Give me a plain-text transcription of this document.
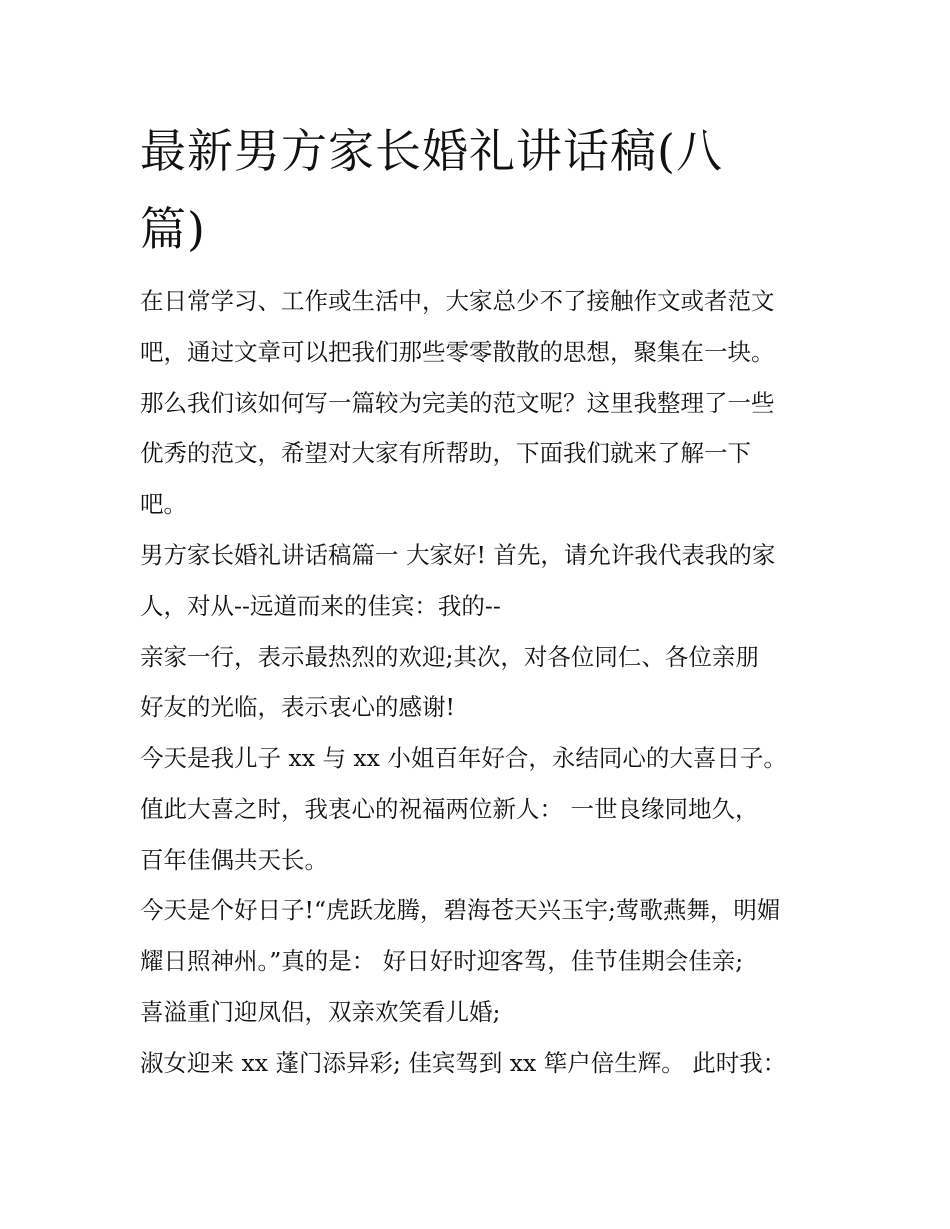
最新男方家长婚礼讲话稿(八
篇)

在日常学习、工作或生活中，大家总少不了接触作文或者范文

吧，通过文章可以把我们那些零零散散的思想，聚集在一块。

那么我们该如何写一篇较为完美的范文呢？这里我整理了一些

优秀的范文，希望对大家有所帮助，下面我们就来了解一下

吧。

男方家长婚礼讲话稿篇一 大家好! 首先，请允许我代表我的家

人，对从--远道而来的佳宾：我的--

亲家一行，表示最热烈的欢迎;其次，对各位同仁、各位亲朋

好友的光临，表示衷心的感谢!

今天是我儿子 xx 与 xx 小姐百年好合，永结同心的大喜日子。

值此大喜之时，我衷心的祝福两位新人： 一世良缘同地久，

百年佳偶共天长。

今天是个好日子!“虎跃龙腾，碧海苍天兴玉宇;莺歌燕舞，明媚

耀日照神州。”真的是： 好日好时迎客驾，佳节佳期会佳亲;

喜溢重门迎凤侣，双亲欢笑看儿婚;

淑女迎来 xx 蓬门添异彩; 佳宾驾到 xx 筚户倍生辉。 此时我：
